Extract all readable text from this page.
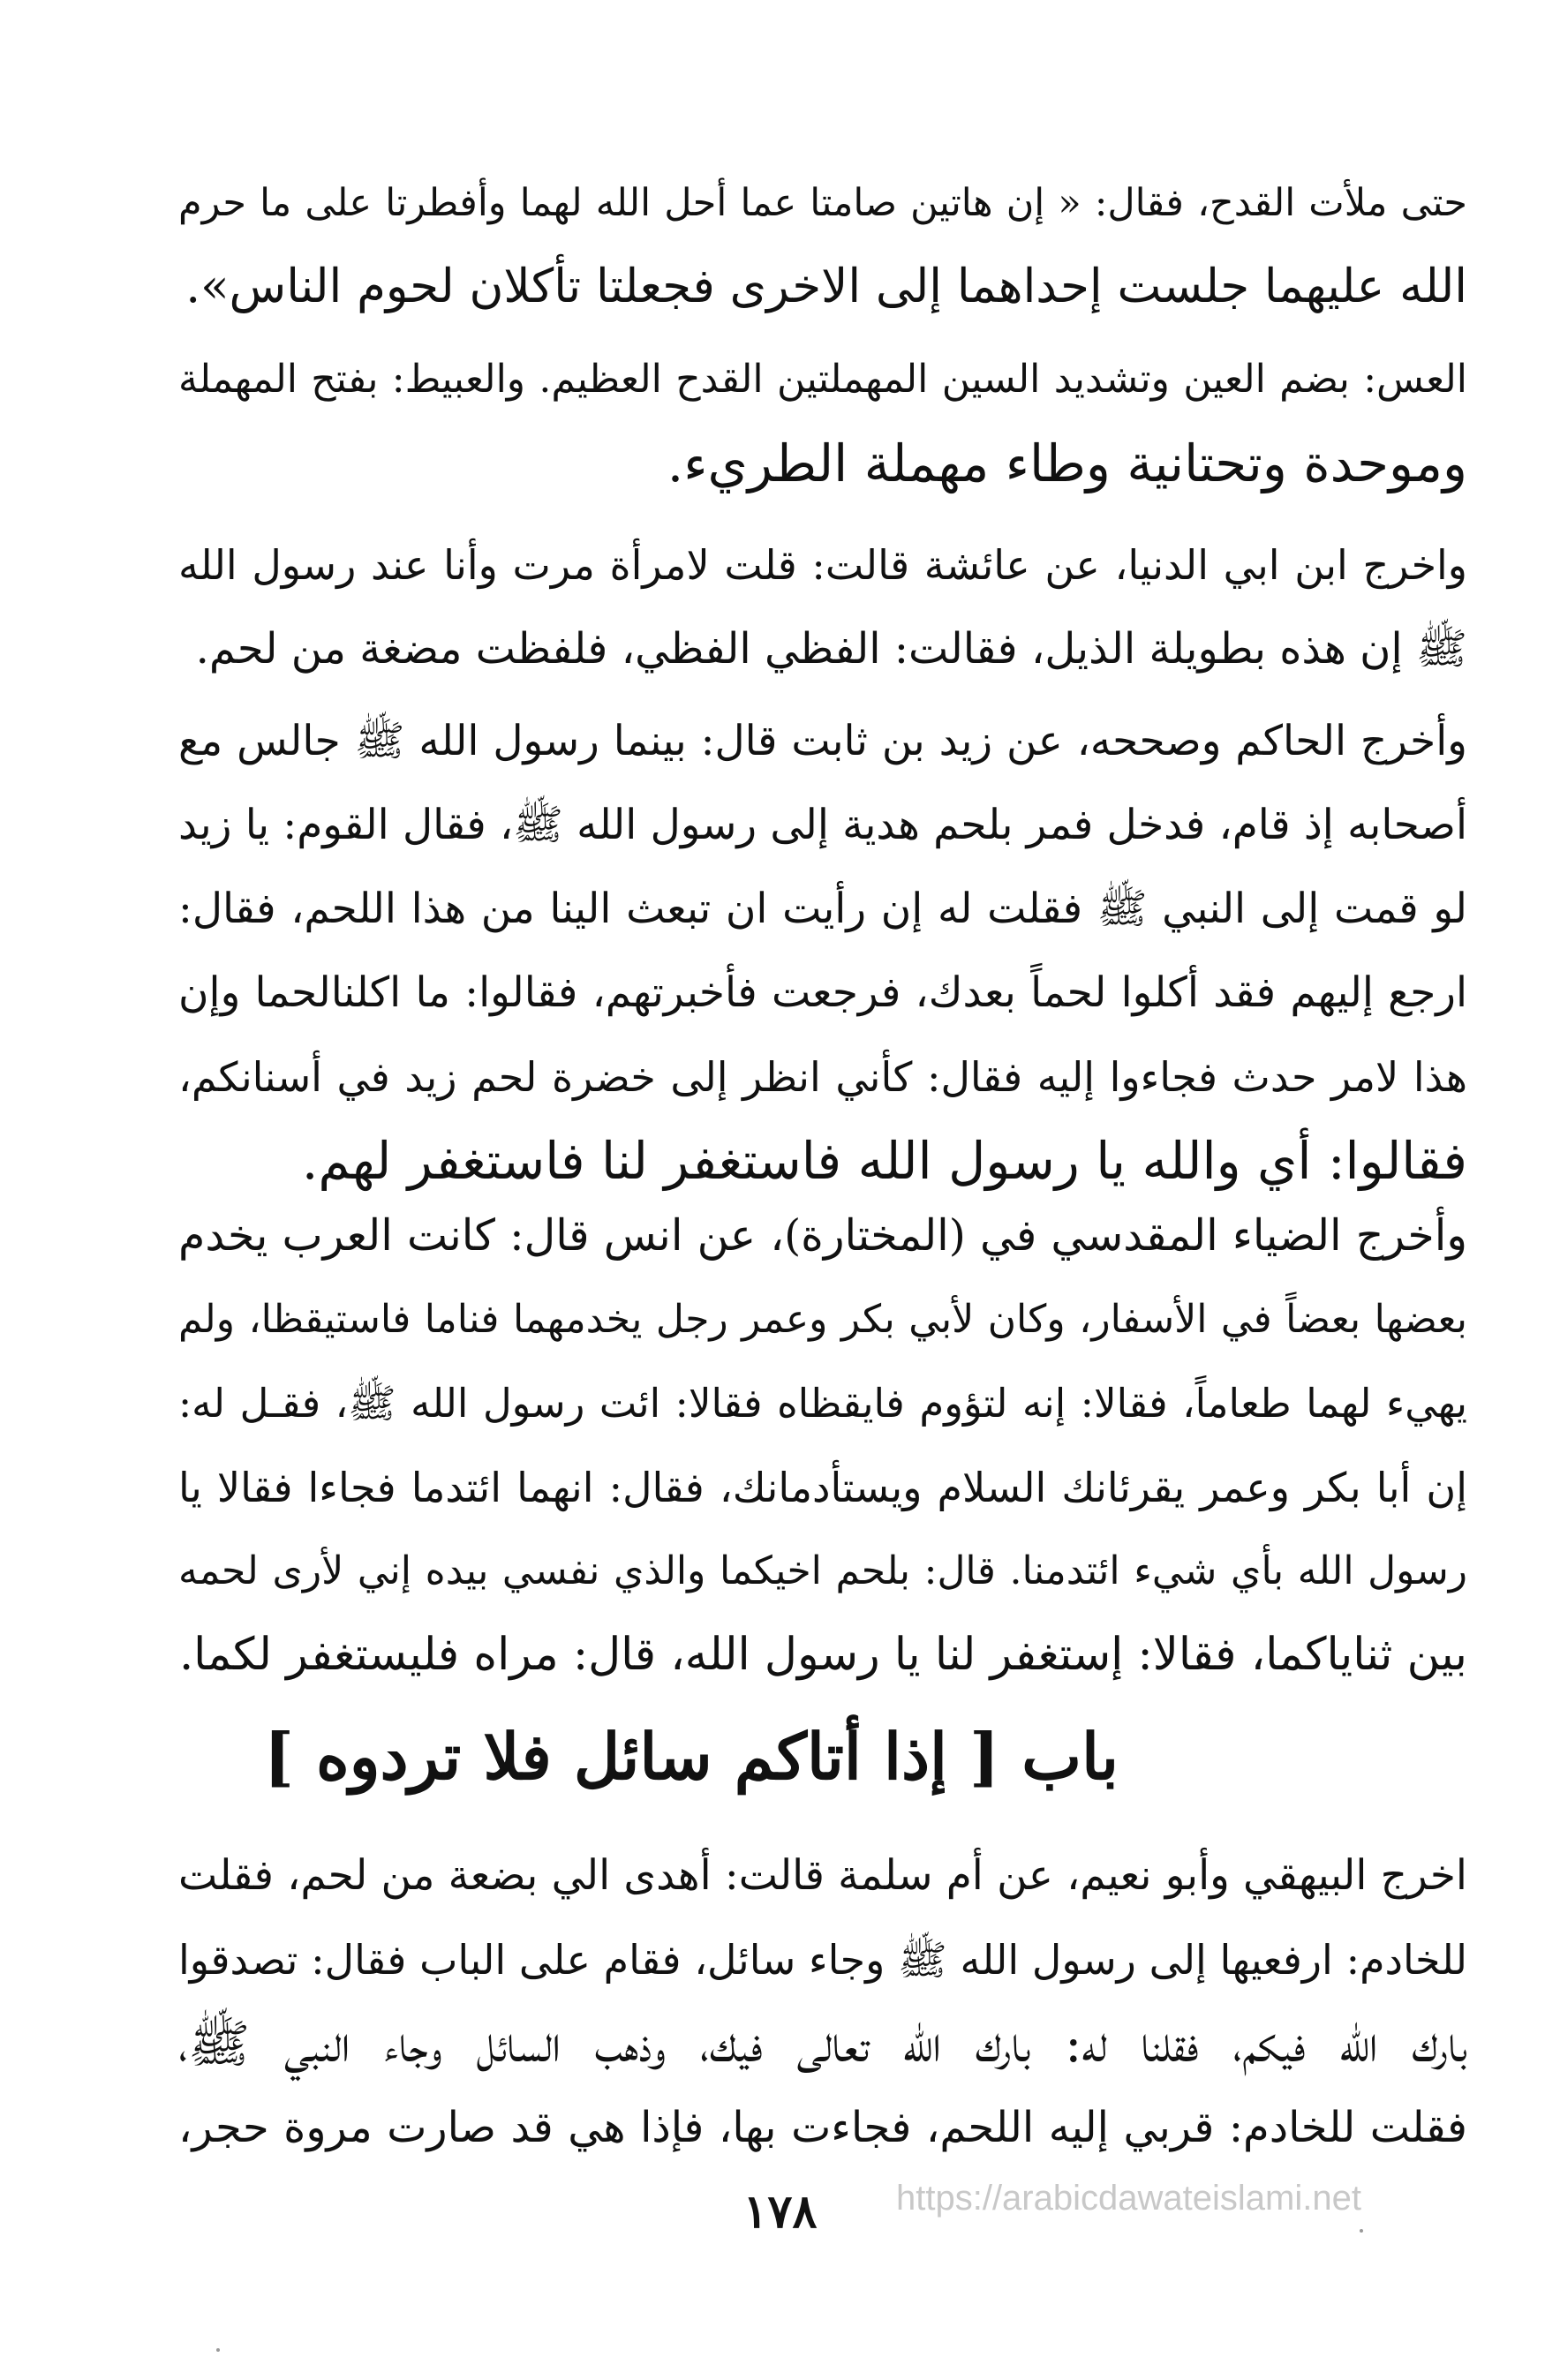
حتى ملأت القدح، فقال: « إن هاتين صامتا عما أحل الله لهما وأفطرتا على ما حرم
الله عليهما جلست إحداهما إلى الاخرى فجعلتا تأكلان لحوم الناس».
العس: بضم العين وتشديد السين المهملتين القدح العظيم. والعبيط: بفتح المهملة
وموحدة وتحتانية وطاء مهملة الطريء.
واخرج ابن ابي الدنيا، عن عائشة قالت: قلت لامرأة مرت وأنا عند رسول الله
ﷺ إن هذه بطويلة الذيل، فقالت: الفظي الفظي، فلفظت مضغة من لحم.
وأخرج الحاكم وصححه، عن زيد بن ثابت قال: بينما رسول الله ﷺ جالس مع
أصحابه إذ قام، فدخل فمر بلحم هدية إلى رسول الله ﷺ، فقال القوم: يا زيد
لو قمت إلى النبي ﷺ فقلت له إن رأيت ان تبعث الينا من هذا اللحم، فقال:
ارجع إليهم فقد أكلوا لحماً بعدك، فرجعت فأخبرتهم، فقالوا: ما اكلنالحما وإن
هذا لامر حدث فجاءوا إليه فقال: كأني انظر إلى خضرة لحم زيد في أسنانكم،
فقالوا: أي والله يا رسول الله فاستغفر لنا فاستغفر لهم.
وأخرج الضياء المقدسي في (المختارة)، عن انس قال: كانت العرب يخدم
بعضها بعضاً في الأسفار، وكان لأبي بكر وعمر رجل يخدمهما فناما فاستيقظا، ولم
يهيء لهما طعاماً، فقالا: إنه لتؤوم فايقظاه فقالا: ائت رسول الله ﷺ، فقـل له:
إن أبا بكر وعمر يقرئانك السلام ويستأدمانك، فقال: انهما ائتدما فجاءا فقالا يا
رسول الله بأي شيء ائتدمنا. قال: بلحم اخيكما والذي نفسي بيده إني لأرى لحمه
بين ثناياكما، فقالا: إستغفر لنا يا رسول الله، قال: مراه فليستغفر لكما.
باب [ إذا أتاكم سائل فلا تردوه ]
اخرج البيهقي وأبو نعيم، عن أم سلمة قالت: أهدى الي بضعة من لحم، فقلت
للخادم: ارفعيها إلى رسول الله ﷺ وجاء سائل، فقام على الباب فقال: تصدقوا
بارك الله فيكم، فقلنا له: بارك الله تعالى فيك، وذهب السائل وجاء النبي ﷺ،
فقلت للخادم: قربي إليه اللحم، فجاءت بها، فإذا هي قد صارت مروة حجر،
١٧٨	https://arabicdawateislami.net
